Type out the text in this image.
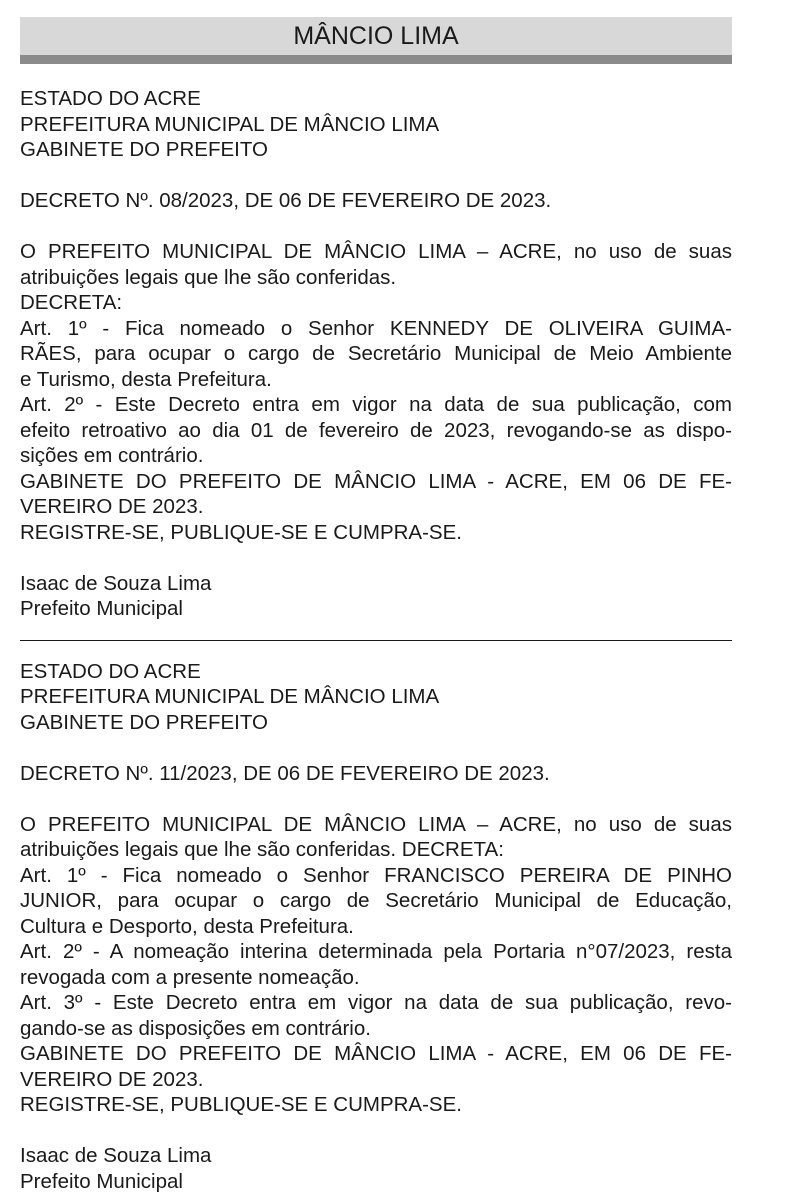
MÂNCIO LIMA
ESTADO DO ACRE
PREFEITURA MUNICIPAL DE MÂNCIO LIMA
GABINETE DO PREFEITO
DECRETO Nº. 08/2023, DE 06 DE FEVEREIRO DE 2023.
O PREFEITO MUNICIPAL DE MÂNCIO LIMA – ACRE, no uso de suas
atribuições legais que lhe são conferidas.
DECRETA:
Art. 1º - Fica nomeado o Senhor KENNEDY DE OLIVEIRA GUIMA-
RÃES, para ocupar o cargo de Secretário Municipal de Meio Ambiente
e Turismo, desta Prefeitura.
Art. 2º - Este Decreto entra em vigor na data de sua publicação, com
efeito retroativo ao dia 01 de fevereiro de 2023, revogando-se as dispo-
sições em contrário.
GABINETE DO PREFEITO DE MÂNCIO LIMA - ACRE, EM 06 DE FE-
VEREIRO DE 2023.
REGISTRE-SE, PUBLIQUE-SE E CUMPRA-SE.
Isaac de Souza Lima
Prefeito Municipal
ESTADO DO ACRE
PREFEITURA MUNICIPAL DE MÂNCIO LIMA
GABINETE DO PREFEITO
DECRETO Nº. 11/2023, DE 06 DE FEVEREIRO DE 2023.
O PREFEITO MUNICIPAL DE MÂNCIO LIMA – ACRE, no uso de suas
atribuições legais que lhe são conferidas. DECRETA:
Art. 1º - Fica nomeado o Senhor FRANCISCO PEREIRA DE PINHO
JUNIOR, para ocupar o cargo de Secretário Municipal de Educação,
Cultura e Desporto, desta Prefeitura.
Art. 2º - A nomeação interina determinada pela Portaria n°07/2023, resta
revogada com a presente nomeação.
Art. 3º - Este Decreto entra em vigor na data de sua publicação, revo-
gando-se as disposições em contrário.
GABINETE DO PREFEITO DE MÂNCIO LIMA - ACRE, EM 06 DE FE-
VEREIRO DE 2023.
REGISTRE-SE, PUBLIQUE-SE E CUMPRA-SE.
Isaac de Souza Lima
Prefeito Municipal
